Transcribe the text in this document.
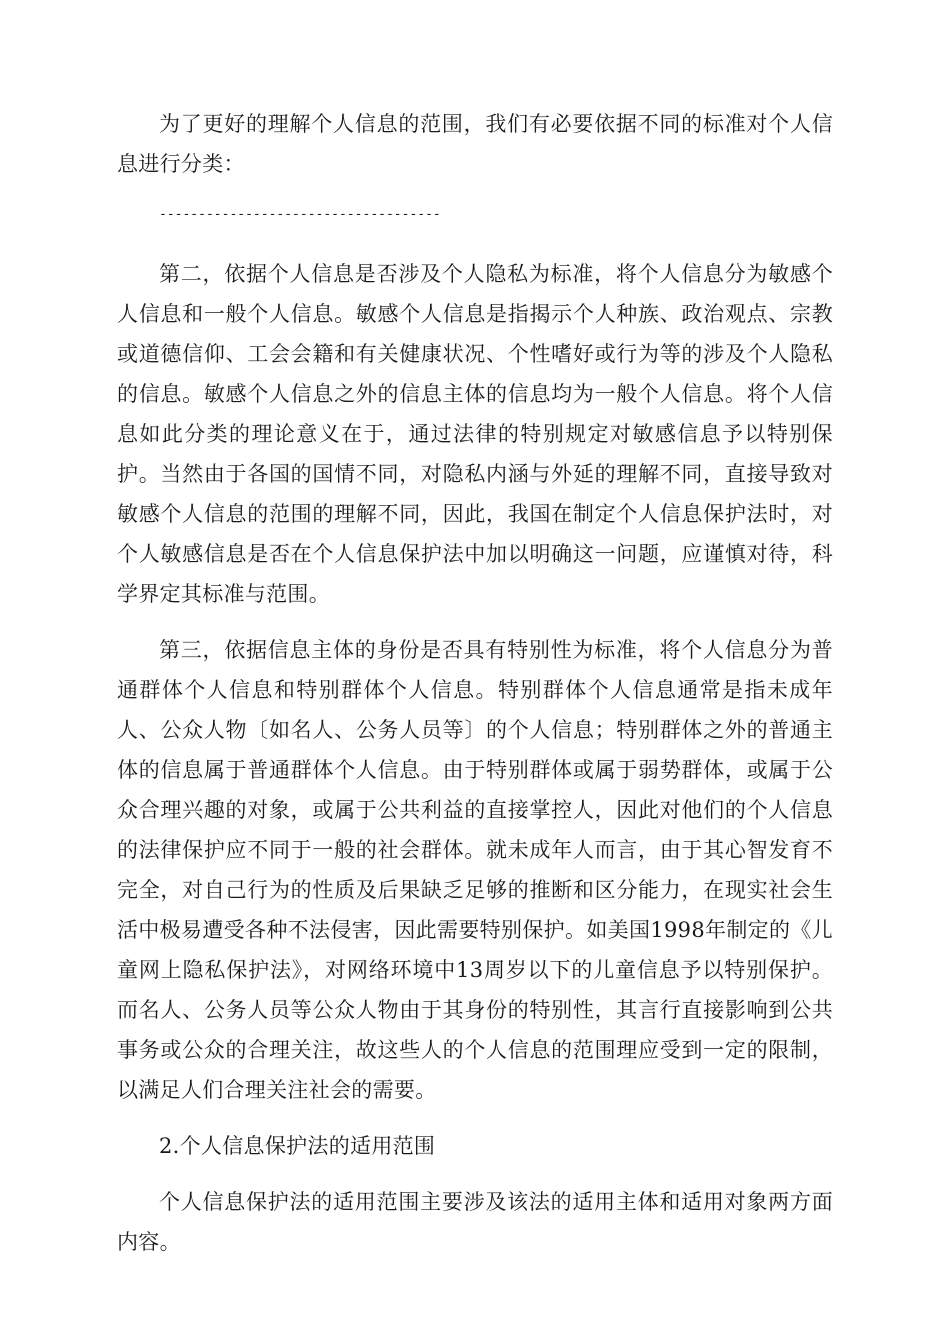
为了更好的理解个人信息的范围，我们有必要依据不同的标准对个人信息进行分类：

------------------------------------

第二，依据个人信息是否涉及个人隐私为标准，将个人信息分为敏感个人信息和一般个人信息。敏感个人信息是指揭示个人种族、政治观点、宗教或道德信仰、工会会籍和有关健康状况、个性嗜好或行为等的涉及个人隐私的信息。敏感个人信息之外的信息主体的信息均为一般个人信息。将个人信息如此分类的理论意义在于，通过法律的特别规定对敏感信息予以特别保护。当然由于各国的国情不同，对隐私内涵与外延的理解不同，直接导致对敏感个人信息的范围的理解不同，因此，我国在制定个人信息保护法时，对个人敏感信息是否在个人信息保护法中加以明确这一问题，应谨慎对待，科学界定其标准与范围。

第三，依据信息主体的身份是否具有特别性为标准，将个人信息分为普通群体个人信息和特别群体个人信息。特别群体个人信息通常是指未成年人、公众人物〔如名人、公务人员等〕的个人信息；特别群体之外的普通主体的信息属于普通群体个人信息。由于特别群体或属于弱势群体，或属于公众合理兴趣的对象，或属于公共利益的直接掌控人，因此对他们的个人信息的法律保护应不同于一般的社会群体。就未成年人而言，由于其心智发育不完全，对自己行为的性质及后果缺乏足够的推断和区分能力，在现实社会生活中极易遭受各种不法侵害，因此需要特别保护。如美国1998年制定的《儿童网上隐私保护法》，对网络环境中13周岁以下的儿童信息予以特别保护。而名人、公务人员等公众人物由于其身份的特别性，其言行直接影响到公共事务或公众的合理关注，故这些人的个人信息的范围理应受到一定的限制，以满足人们合理关注社会的需要。

2.个人信息保护法的适用范围

个人信息保护法的适用范围主要涉及该法的适用主体和适用对象两方面内容。
